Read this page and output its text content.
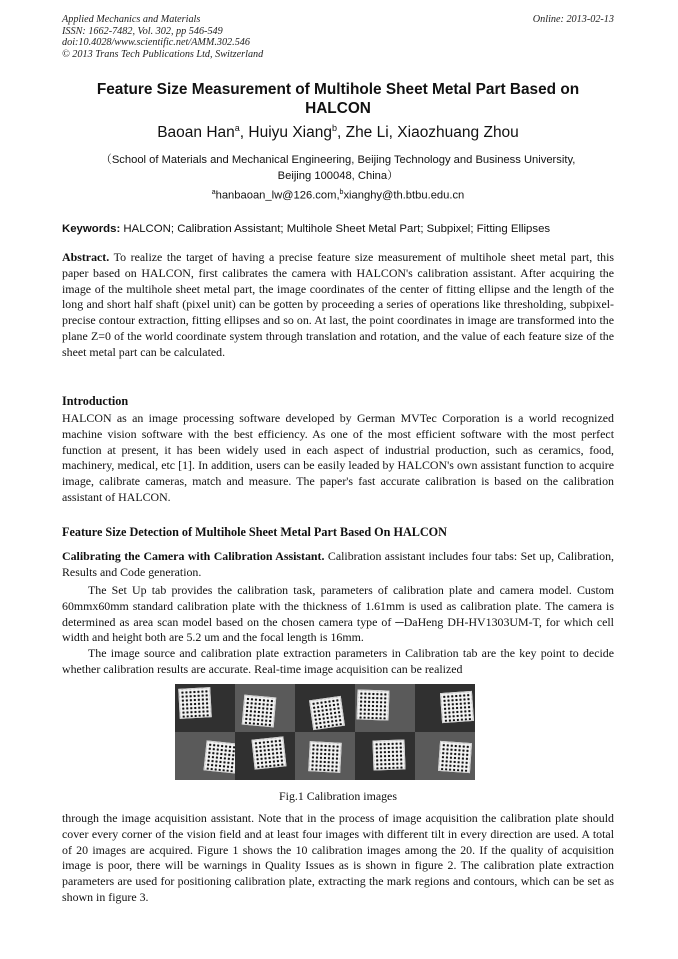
Applied Mechanics and Materials
ISSN: 1662-7482, Vol. 302, pp 546-549
doi:10.4028/www.scientific.net/AMM.302.546
© 2013 Trans Tech Publications Ltd, Switzerland
Online: 2013-02-13
Feature Size Measurement of Multihole Sheet Metal Part Based on
HALCON
Baoan Han$^a$, Huiyu Xiang$^b$, Zhe Li, Xiaozhuang Zhou
（School of Materials and Mechanical Engineering, Beijing Technology and Business University,
Beijing 100048, China）
$^a$hanbaoan_lw@126.com,$^b$xianghy@th.btbu.edu.cn
Keywords: HALCON; Calibration Assistant; Multihole Sheet Metal Part; Subpixel; Fitting Ellipses
Abstract. To realize the target of having a precise feature size measurement of multihole sheet metal part, this paper based on HALCON, first calibrates the camera with HALCON's calibration assistant. After acquiring the image of the multihole sheet metal part, the image coordinates of the center of fitting ellipse and the length of the long and short half shaft (pixel unit) can be gotten by proceeding a series of operations like thresholding, subpixel-precise contour extraction, fitting ellipses and so on. At last, the point coordinates in image are transformed into the plane Z=0 of the world coordinate system through translation and rotation, and the value of each feature size of the sheet metal part can be calculated.
Introduction
HALCON as an image processing software developed by German MVTec Corporation is a world recognized machine vision software with the best efficiency. As one of the most efficient software with the most perfect function at present, it has been widely used in each aspect of industrial production, such as ceramics, food, machinery, medical, etc [1]. In addition, users can be easily leaded by HALCON's own assistant function to acquire image, calibrate cameras, match and measure. The paper's fast accurate calibration is based on the calibration assistant of HALCON.
Feature Size Detection of Multihole Sheet Metal Part Based On HALCON
Calibrating the Camera with Calibration Assistant. Calibration assistant includes four tabs: Set up, Calibration, Results and Code generation.
The Set Up tab provides the calibration task, parameters of calibration plate and camera model. Custom 60mmx60mm standard calibration plate with the thickness of 1.61mm is used as calibration plate. The camera is determined as area scan model based on the chosen camera type of ─DaHeng DH-HV1303UM-T, for which cell width and height both are 5.2 um and the focal length is 16mm.
The image source and calibration plate extraction parameters in Calibration tab are the key point to decide whether calibration results are accurate. Real-time image acquisition can be realized
Fig.1 Calibration images
through the image acquisition assistant. Note that in the process of image acquisition the calibration plate should cover every corner of the vision field and at least four images with different tilt in every direction are used. A total of 20 images are acquired. Figure 1 shows the 10 calibration images among the 20. If the quality of acquisition image is poor, there will be warnings in Quality Issues as is shown in figure 2. The calibration plate extraction parameters are used for positioning calibration plate, extracting the mark regions and contours, which can be set as shown in figure 3.
